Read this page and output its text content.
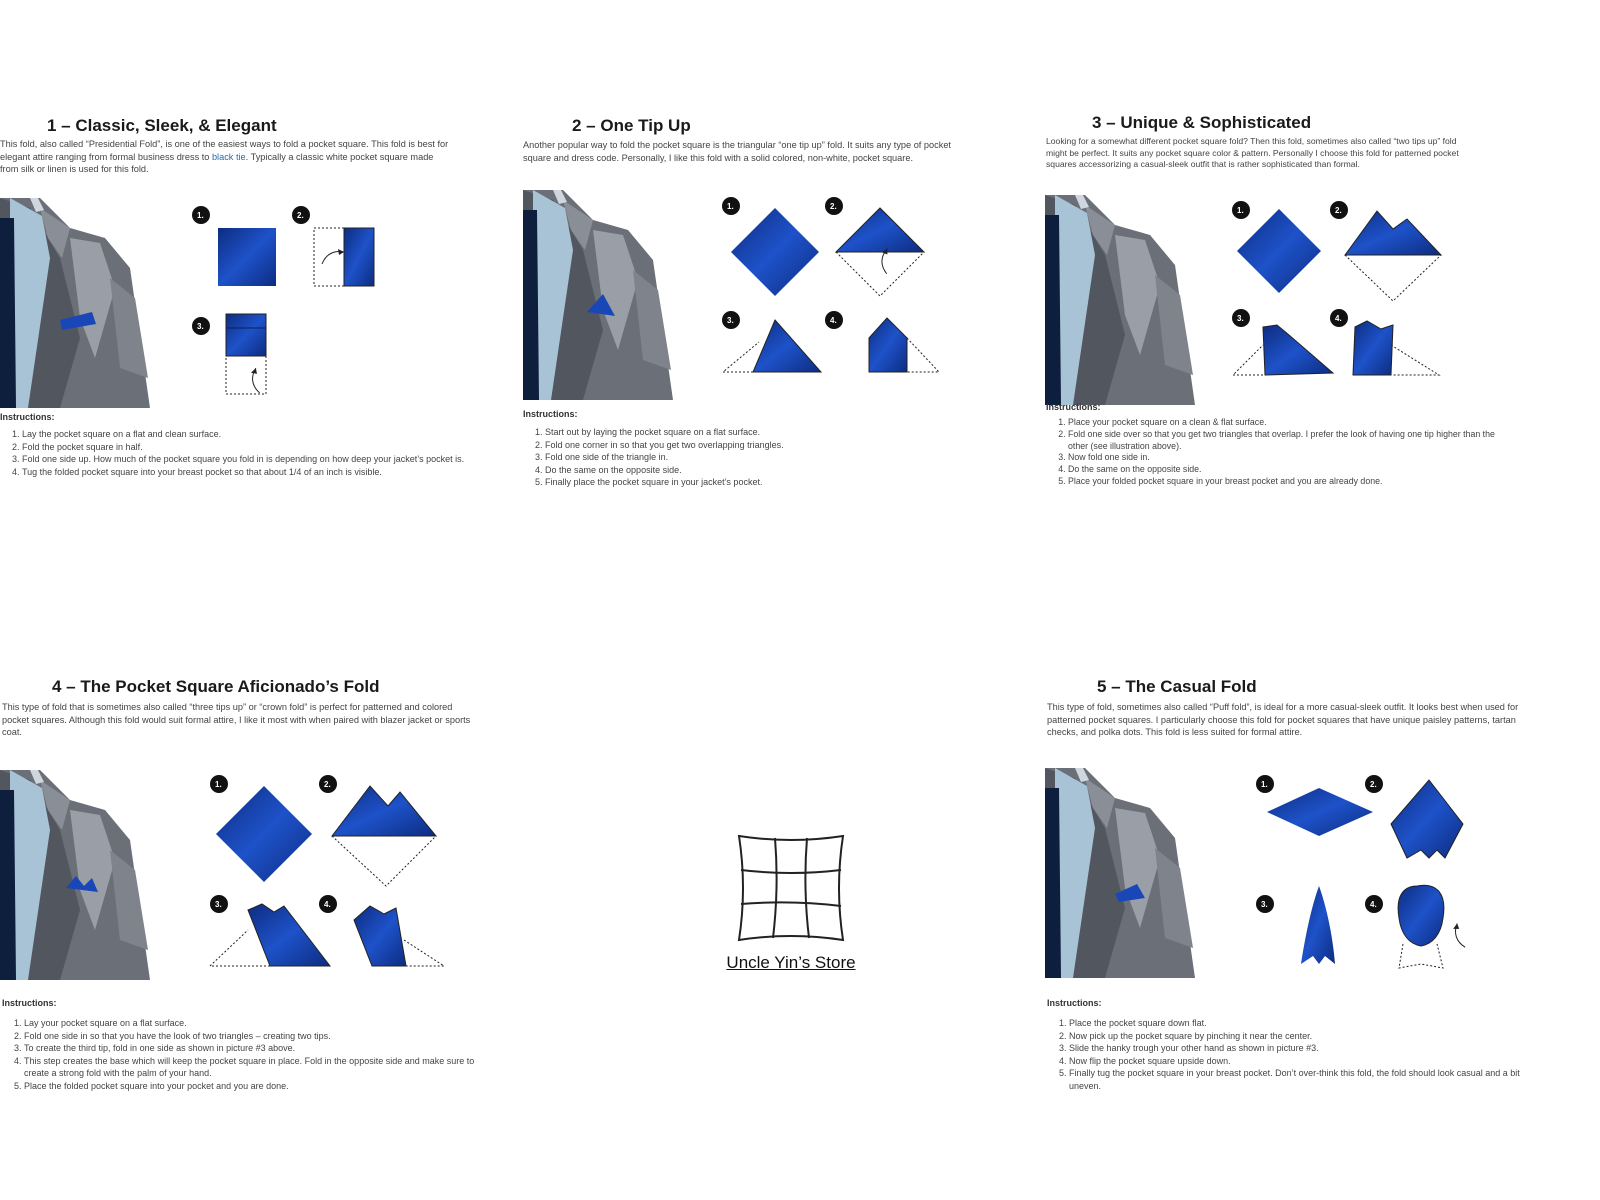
1 – Classic, Sleek, & Elegant
This fold, also called “Presidential Fold”, is one of the easiest ways to fold a pocket square. This fold is best for elegant attire ranging from formal business dress to black tie. Typically a classic white pocket square made from silk or linen is used for this fold.
1.	2.
3.
Instructions:
1. Lay the pocket square on a flat and clean surface.
2. Fold the pocket square in half.
3. Fold one side up. How much of the pocket square you fold in is depending on how deep your jacket’s pocket is.
4. Tug the folded pocket square into your breast pocket so that about 1/4 of an inch is visible.
2 – One Tip Up
Another popular way to fold the pocket square is the triangular “one tip up” fold. It suits any type of pocket square and dress code. Personally, I like this fold with a solid colored, non-white, pocket square.
1.	2.
3.	4.
Instructions:
1. Start out by laying the pocket square on a flat surface.
2. Fold one corner in so that you get two overlapping triangles.
3. Fold one side of the triangle in.
4. Do the same on the opposite side.
5. Finally place the pocket square in your jacket’s pocket.
3 – Unique & Sophisticated
Looking for a somewhat different pocket square fold? Then this fold, sometimes also called “two tips up” fold might be perfect. It suits any pocket square color & pattern. Personally I choose this fold for patterned pocket squares accessorizing a casual-sleek outfit that is rather sophisticated than formal.
1.	2.
3.	4.
Instructions:
1. Place your pocket square on a clean & flat surface.
2. Fold one side over so that you get two triangles that overlap. I prefer the look of having one tip higher than the other (see illustration above).
3. Now fold one side in.
4. Do the same on the opposite side.
5. Place your folded pocket square in your breast pocket and you are already done.
4 – The Pocket Square Aficionado’s Fold
This type of fold that is sometimes also called “three tips up” or “crown fold” is perfect for patterned and colored pocket squares. Although this fold would suit formal attire, I like it most with when paired with blazer jacket or sports coat.
1.	2.
3.	4.
Instructions:
1. Lay your pocket square on a flat surface.
2. Fold one side in so that you have the look of two triangles – creating two tips.
3. To create the third tip, fold in one side as shown in picture #3 above.
4. This step creates the base which will keep the pocket square in place. Fold in the opposite side and make sure to create a strong fold with the palm of your hand.
5. Place the folded pocket square into your pocket and you are done.
Uncle Yin’s Store
5 – The Casual Fold
This type of fold, sometimes also called “Puff fold”, is ideal for a more casual-sleek outfit. It looks best when used for patterned pocket squares. I particularly choose this fold for pocket squares that have unique paisley patterns, tartan checks, and polka dots. This fold is less suited for formal attire.
1.	2.
3.	4.
Instructions:
1. Place the pocket square down flat.
2. Now pick up the pocket square by pinching it near the center.
3. Slide the hanky trough your other hand as shown in picture #3.
4. Now flip the pocket square upside down.
5. Finally tug the pocket square in your breast pocket. Don’t over-think this fold, the fold should look casual and a bit uneven.
